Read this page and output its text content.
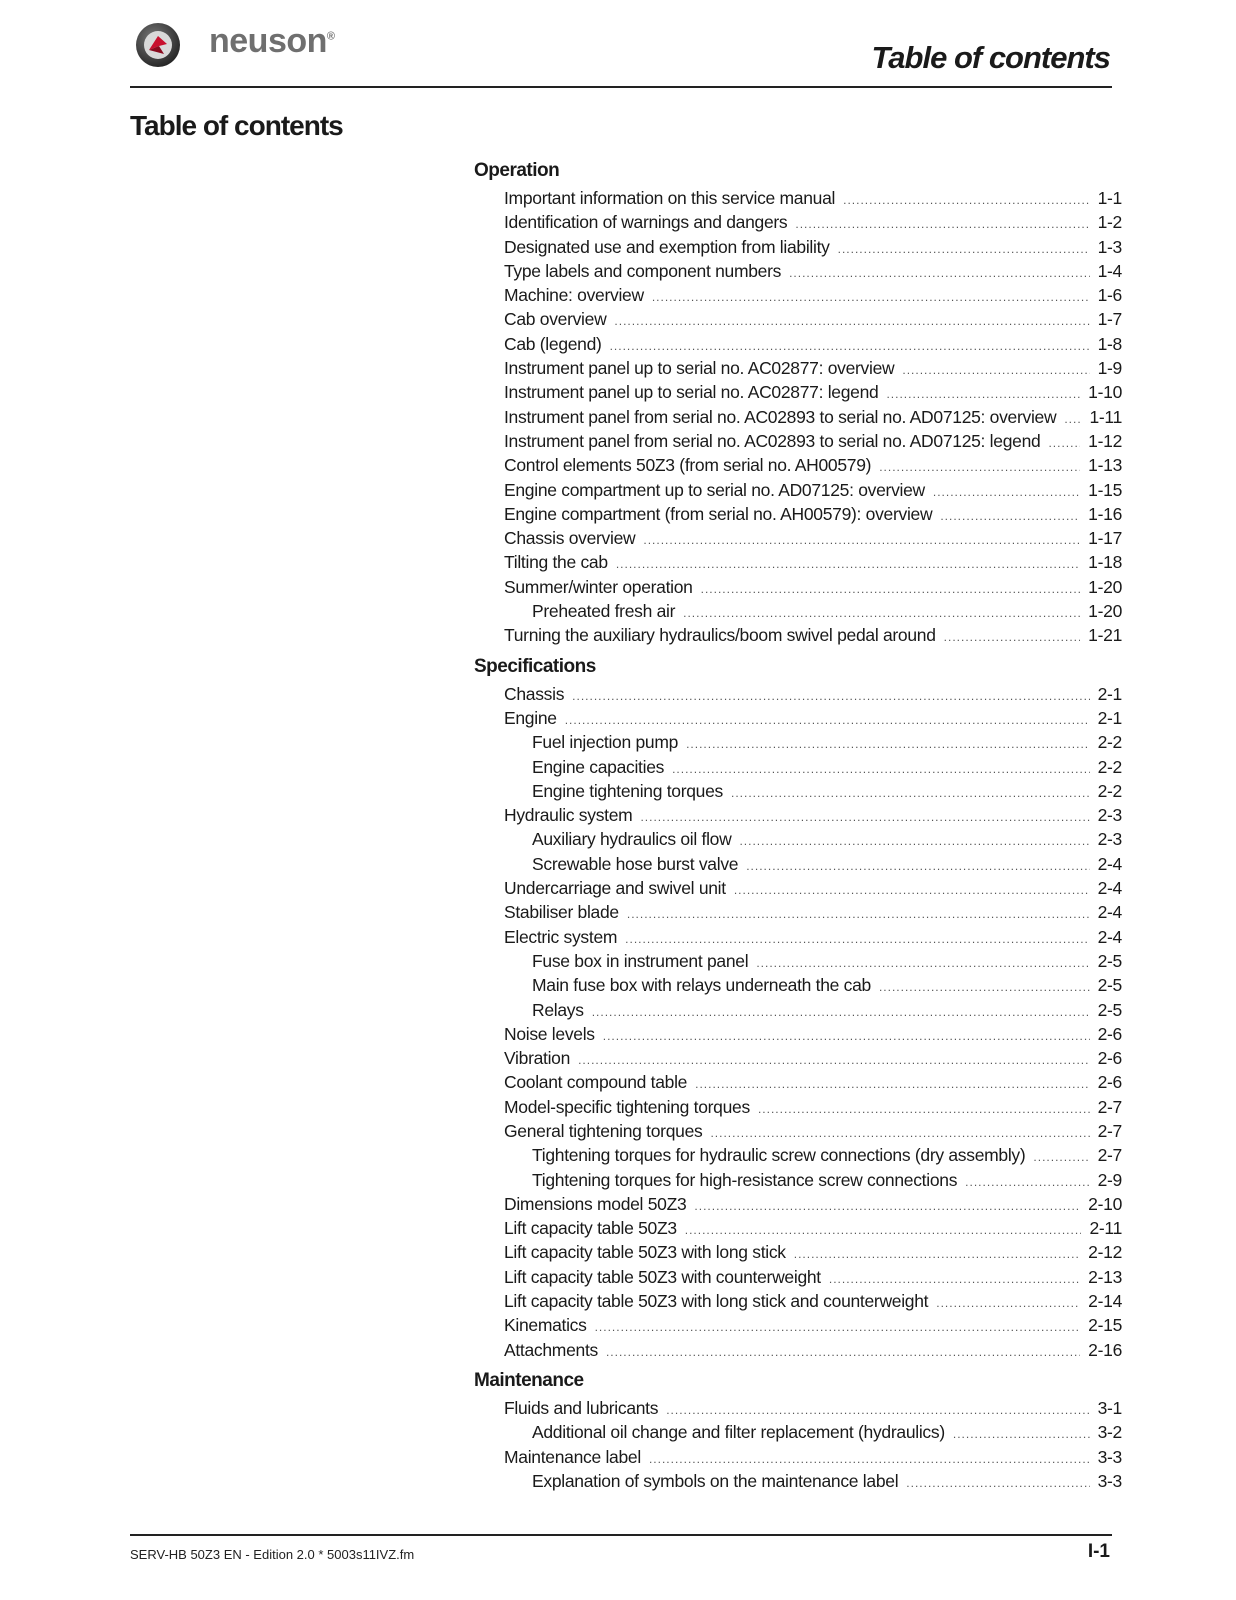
neuson®
Table of contents
Table of contents
Operation
Important information on this service manual .....	1-1
Identification of warnings and dangers .....	1-2
Designated use and exemption from liability .....	1-3
Type labels and component numbers .....	1-4
Machine: overview .....	1-6
Cab overview .....	1-7
Cab (legend) .....	1-8
Instrument panel up to serial no. AC02877: overview .....	1-9
Instrument panel up to serial no. AC02877: legend .....	1-10
Instrument panel from serial no. AC02893 to serial no. AD07125: overview ..... 1-11
Instrument panel from serial no. AC02893 to serial no. AD07125: legend .....	1-12
Control elements 50Z3 (from serial no. AH00579) .....	1-13
Engine compartment up to serial no. AD07125: overview .....	1-15
Engine compartment (from serial no. AH00579): overview .....	1-16
Chassis overview .....	1-17
Tilting the cab .....	1-18
Summer/winter operation .....	1-20
Preheated fresh air .....	1-20
Turning the auxiliary hydraulics/boom swivel pedal around .....	1-21
Specifications
Chassis .....	2-1
Engine .....	2-1
Fuel injection pump .....	2-2
Engine capacities .....	2-2
Engine tightening torques .....	2-2
Hydraulic system .....	2-3
Auxiliary hydraulics oil flow .....	2-3
Screwable hose burst valve .....	2-4
Undercarriage and swivel unit .....	2-4
Stabiliser blade .....	2-4
Electric system .....	2-4
Fuse box in instrument panel .....	2-5
Main fuse box with relays underneath the cab .....	2-5
Relays .....	2-5
Noise levels .....	2-6
Vibration .....	2-6
Coolant compound table .....	2-6
Model-specific tightening torques .....	2-7
General tightening torques .....	2-7
Tightening torques for hydraulic screw connections (dry assembly) .....	2-7
Tightening torques for high-resistance screw connections .....	2-9
Dimensions model 50Z3 .....	2-10
Lift capacity table 50Z3 .....	2-11
Lift capacity table 50Z3 with long stick .....	2-12
Lift capacity table 50Z3 with counterweight .....	2-13
Lift capacity table 50Z3 with long stick and counterweight .....	2-14
Kinematics .....	2-15
Attachments .....	2-16
Maintenance
Fluids and lubricants .....	3-1
Additional oil change and filter replacement (hydraulics) .....	3-2
Maintenance label .....	3-3
Explanation of symbols on the maintenance label .....	3-3
SERV-HB 50Z3 EN - Edition 2.0 * 5003s11IVZ.fm	I-1
